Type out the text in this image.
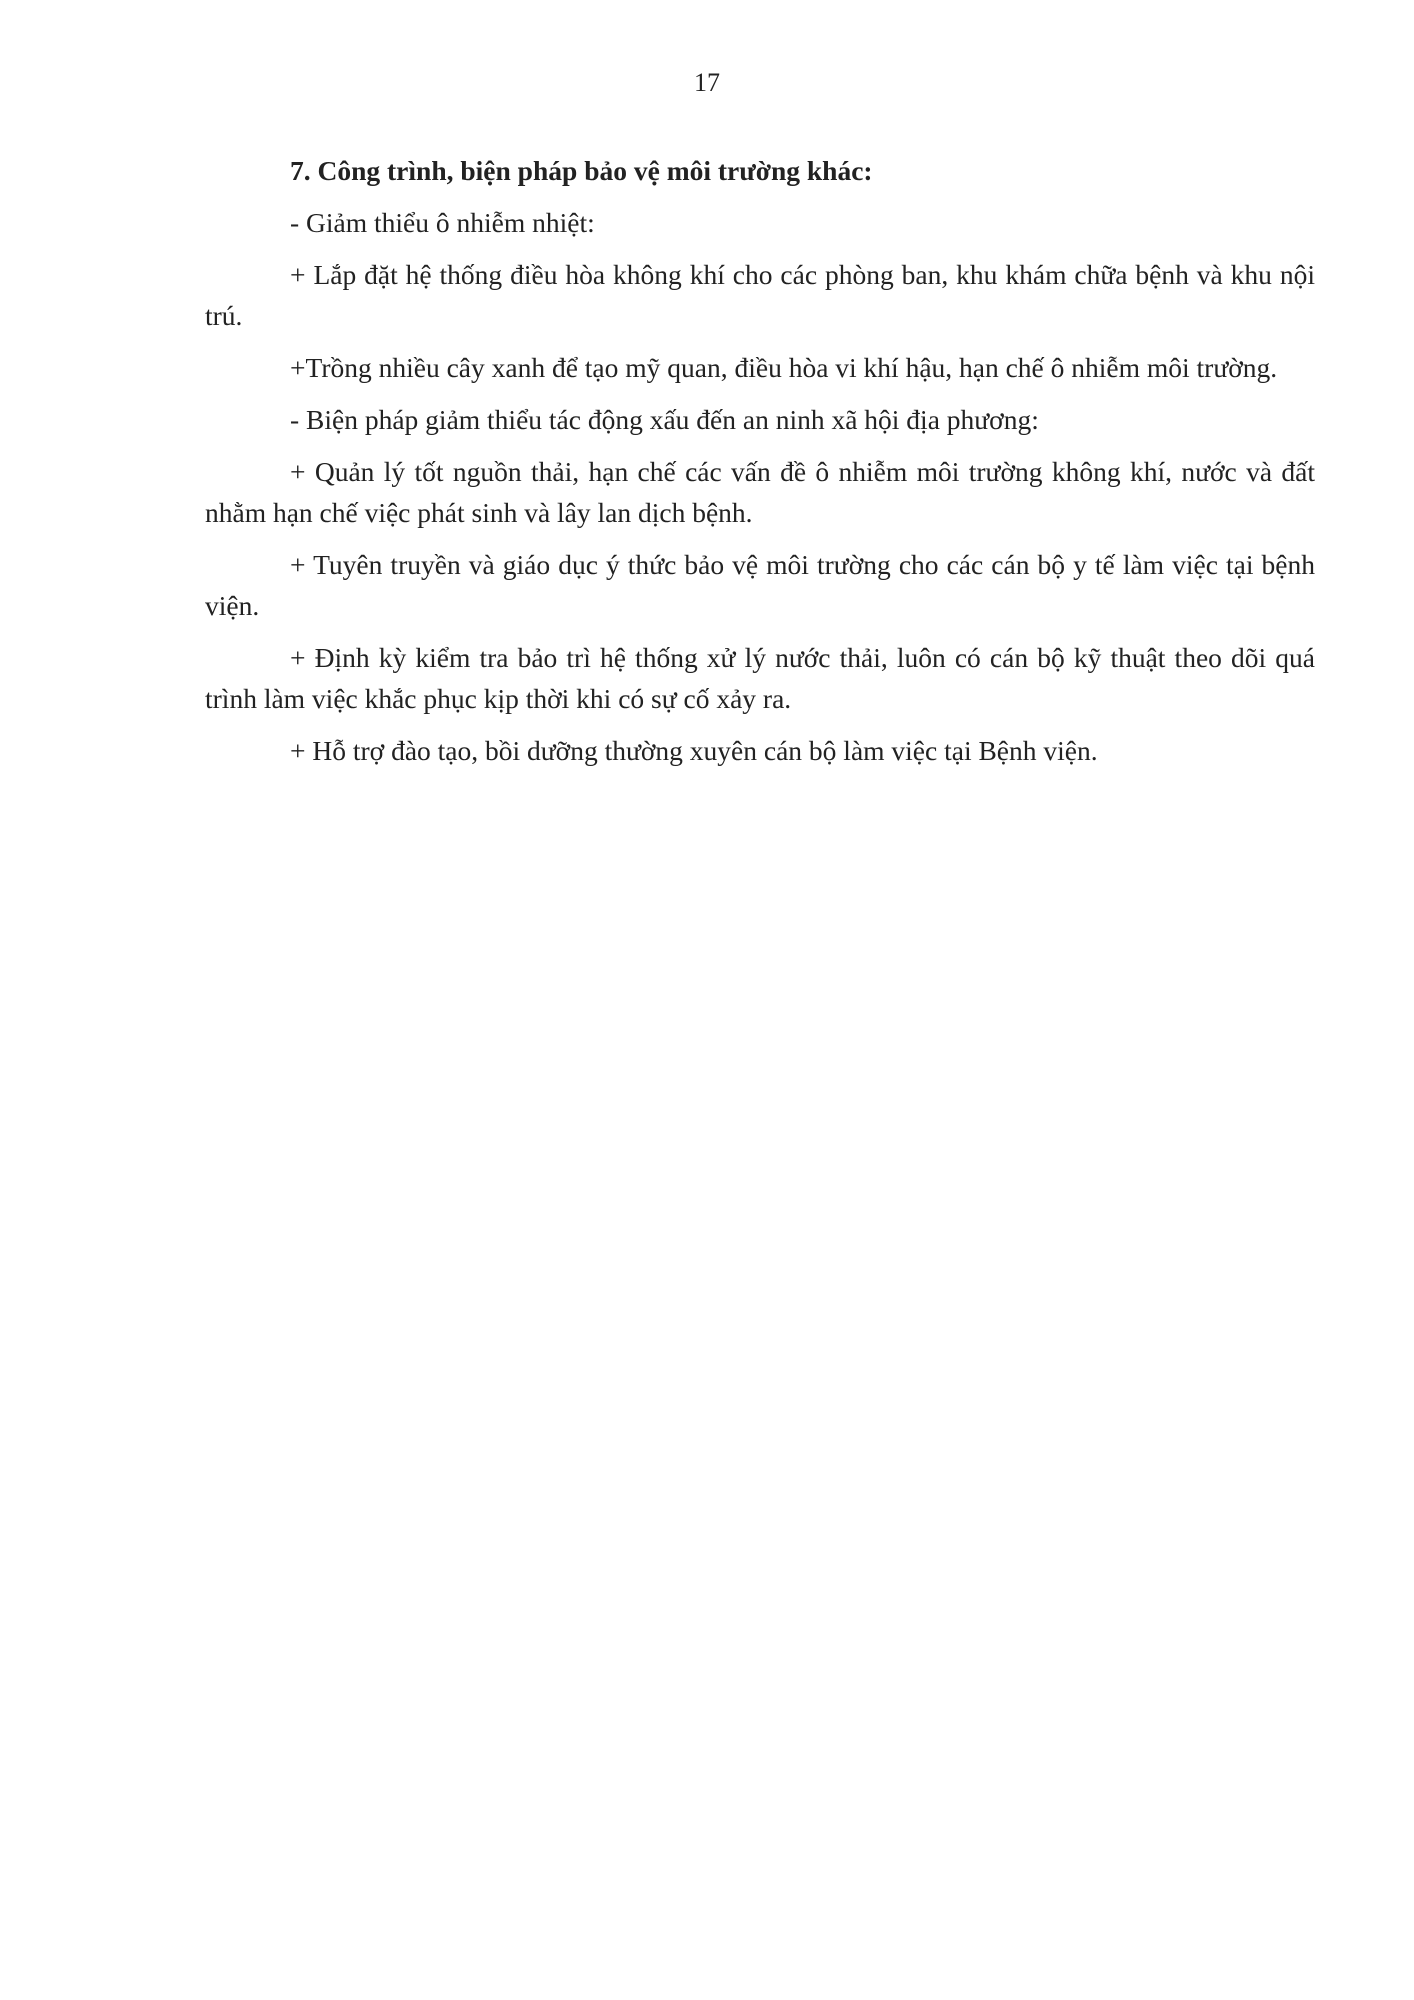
17

7. Công trình, biện pháp bảo vệ môi trường khác:

- Giảm thiểu ô nhiễm nhiệt:

+ Lắp đặt hệ thống điều hòa không khí cho các phòng ban, khu khám chữa bệnh và khu nội trú.

+Trồng nhiều cây xanh để tạo mỹ quan, điều hòa vi khí hậu, hạn chế ô nhiễm môi trường.

- Biện pháp giảm thiểu tác động xấu đến an ninh xã hội địa phương:

+ Quản lý tốt nguồn thải, hạn chế các vấn đề ô nhiễm môi trường không khí, nước và đất nhằm hạn chế việc phát sinh và lây lan dịch bệnh.

+ Tuyên truyền và giáo dục ý thức bảo vệ môi trường cho các cán bộ y tế làm việc tại bệnh viện.

+ Định kỳ kiểm tra bảo trì hệ thống xử lý nước thải, luôn có cán bộ kỹ thuật theo dõi quá trình làm việc khắc phục kịp thời khi có sự cố xảy ra.

+ Hỗ trợ đào tạo, bồi dưỡng thường xuyên cán bộ làm việc tại Bệnh viện.
